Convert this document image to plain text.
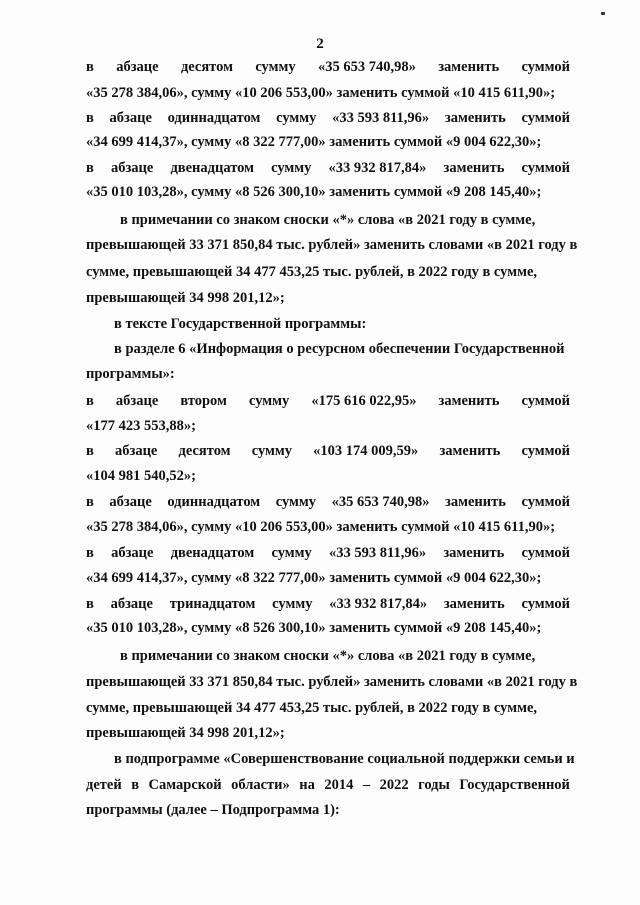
2
в абзаце десятом сумму «35 653 740,98» заменить суммой
«35 278 384,06», сумму «10 206 553,00» заменить суммой «10 415 611,90»;
в абзаце одиннадцатом сумму «33 593 811,96» заменить суммой
«34 699 414,37», сумму «8 322 777,00» заменить суммой «9 004 622,30»;
в абзаце двенадцатом сумму «33 932 817,84» заменить суммой
«35 010 103,28», сумму «8 526 300,10» заменить суммой «9 208 145,40»;
в примечании со знаком сноски «*» слова «в 2021 году в сумме,
превышающей 33 371 850,84 тыс. рублей» заменить словами «в 2021 году в
сумме, превышающей 34 477 453,25 тыс. рублей, в 2022 году в сумме,
превышающей 34 998 201,12»;
в тексте Государственной программы:
в разделе 6 «Информация о ресурсном обеспечении Государственной
программы»:
в абзаце втором сумму «175 616 022,95» заменить суммой
«177 423 553,88»;
в абзаце десятом сумму «103 174 009,59» заменить суммой
«104 981 540,52»;
в абзаце одиннадцатом сумму «35 653 740,98» заменить суммой
«35 278 384,06», сумму «10 206 553,00» заменить суммой «10 415 611,90»;
в абзаце двенадцатом сумму «33 593 811,96» заменить суммой
«34 699 414,37», сумму «8 322 777,00» заменить суммой «9 004 622,30»;
в абзаце тринадцатом сумму «33 932 817,84» заменить суммой
«35 010 103,28», сумму «8 526 300,10» заменить суммой «9 208 145,40»;
в примечании со знаком сноски «*» слова «в 2021 году в сумме,
превышающей 33 371 850,84 тыс. рублей» заменить словами «в 2021 году в
сумме, превышающей 34 477 453,25 тыс. рублей, в 2022 году в сумме,
превышающей 34 998 201,12»;
в подпрограмме «Совершенствование социальной поддержки семьи и
детей в Самарской области» на 2014 – 2022 годы Государственной
программы (далее – Подпрограмма 1):
